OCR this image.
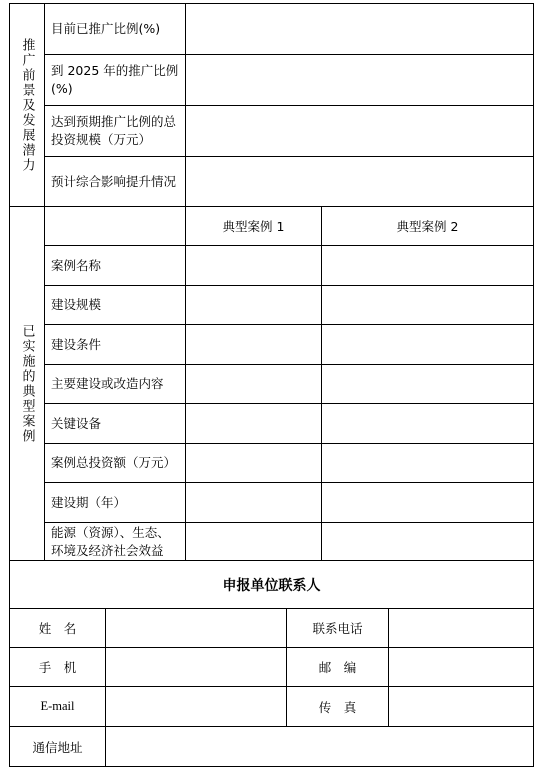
推广前景及发展潜力
目前已推广比例(%)
到 2025 年的推广比例(%)
达到预期推广比例的总投资规模（万元）
预计综合影响提升情况
已实施的典型案例
典型案例 1	典型案例 2
案例名称
建设规模
建设条件
主要建设或改造内容
关键设备
案例总投资额（万元）
建设期（年）
能源（资源）、生态、环境及经济社会效益
申报单位联系人
姓　名	联系电话
手　机	邮　编
E-mail	传　真
通信地址
